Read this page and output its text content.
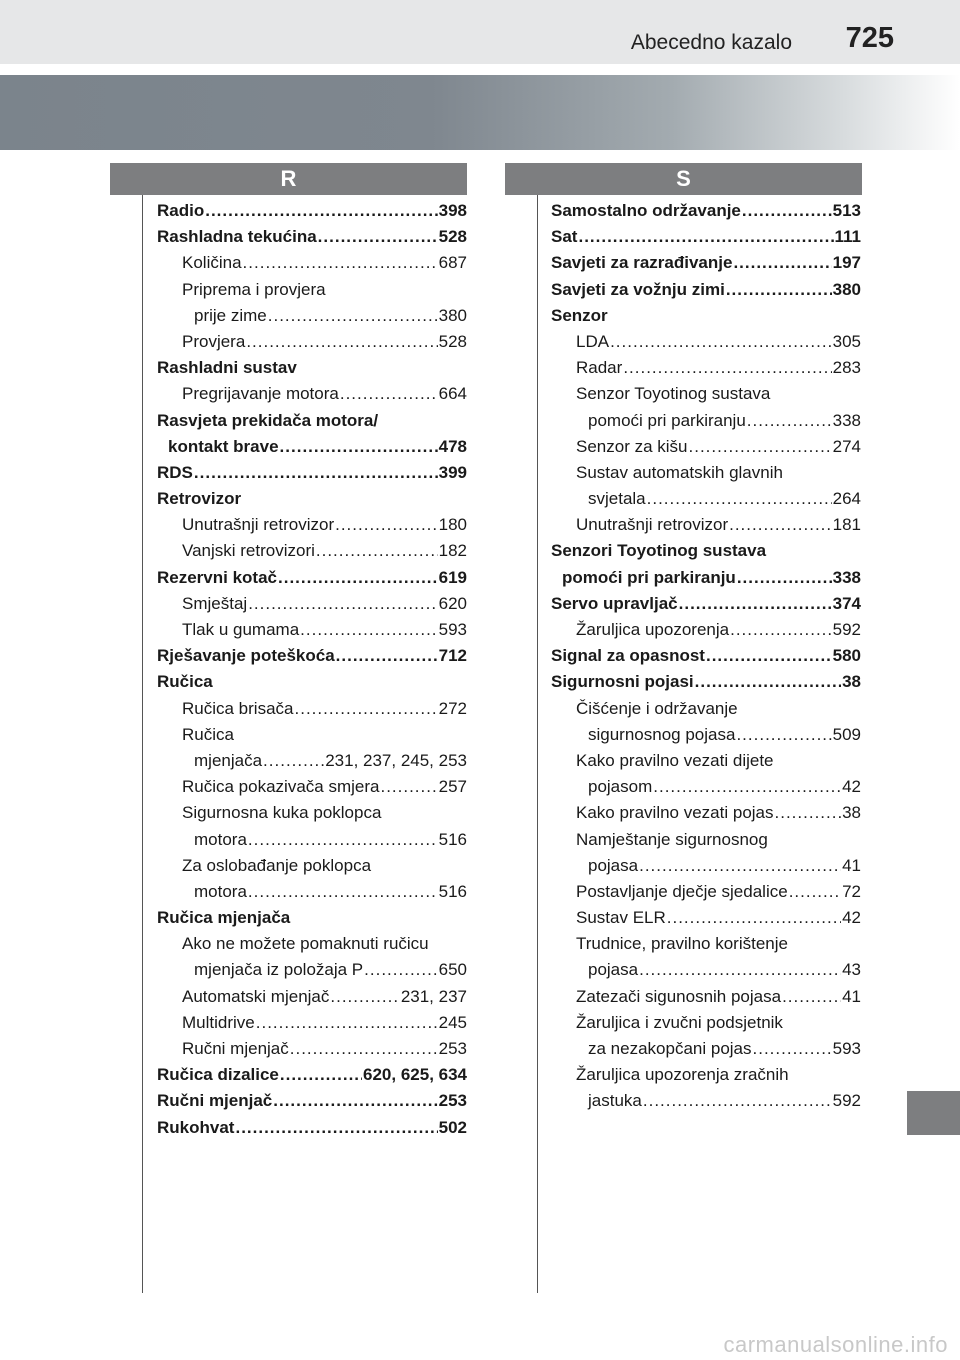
Abecedno kazalo 725
R	S
Radio .....	398
Rashladna tekućina .....	528
Količina .....	687
Priprema i provjera
prije zime .....	380
Provjera .....	528
Rashladni sustav
Pregrijavanje motora .....	664
Rasvjeta prekidača motora/
kontakt brave .....	478
RDS .....	399
Retrovizor
Unutrašnji retrovizor .....	180
Vanjski retrovizori .....	182
Rezervni kotač .....	619
Smještaj .....	620
Tlak u gumama .....	593
Rješavanje poteškoća .....	712
Ručica
Ručica brisača .....	272
Ručica
mjenjača .....	231, 237, 245, 253
Ručica pokazivača smjera .....	257
Sigurnosna kuka poklopca
motora .....	516
Za oslobađanje poklopca
motora .....	516
Ručica mjenjača
Ako ne možete pomaknuti ručicu
mjenjača iz položaja P .....	650
Automatski mjenjač .....	231, 237
Multidrive .....	245
Ručni mjenjač .....	253
Ručica dizalice .....	620, 625, 634
Ručni mjenjač .....	253
Rukohvat .....	502
Samostalno održavanje .....	513
Sat .....	111
Savjeti za razrađivanje .....	197
Savjeti za vožnju zimi .....	380
Senzor
LDA .....	305
Radar .....	283
Senzor Toyotinog sustava
pomoći pri parkiranju .....	338
Senzor za kišu .....	274
Sustav automatskih glavnih
svjetala .....	264
Unutrašnji retrovizor .....	181
Senzori Toyotinog sustava
pomoći pri parkiranju .....	338
Servo upravljač .....	374
Žaruljica upozorenja .....	592
Signal za opasnost .....	580
Sigurnosni pojasi .....	38
Čišćenje i održavanje
sigurnosnog pojasa .....	509
Kako pravilno vezati dijete
pojasom .....	42
Kako pravilno vezati pojas .....	38
Namještanje sigurnosnog
pojasa .....	41
Postavljanje dječje sjedalice .....	72
Sustav ELR .....	42
Trudnice, pravilno korištenje
pojasa .....	43
Zatezači sigunosnih pojasa .....	41
Žaruljica i zvučni podsjetnik
za nezakopčani pojas .....	593
Žaruljica upozorenja zračnih
jastuka .....	592
carmanualsonline.info
